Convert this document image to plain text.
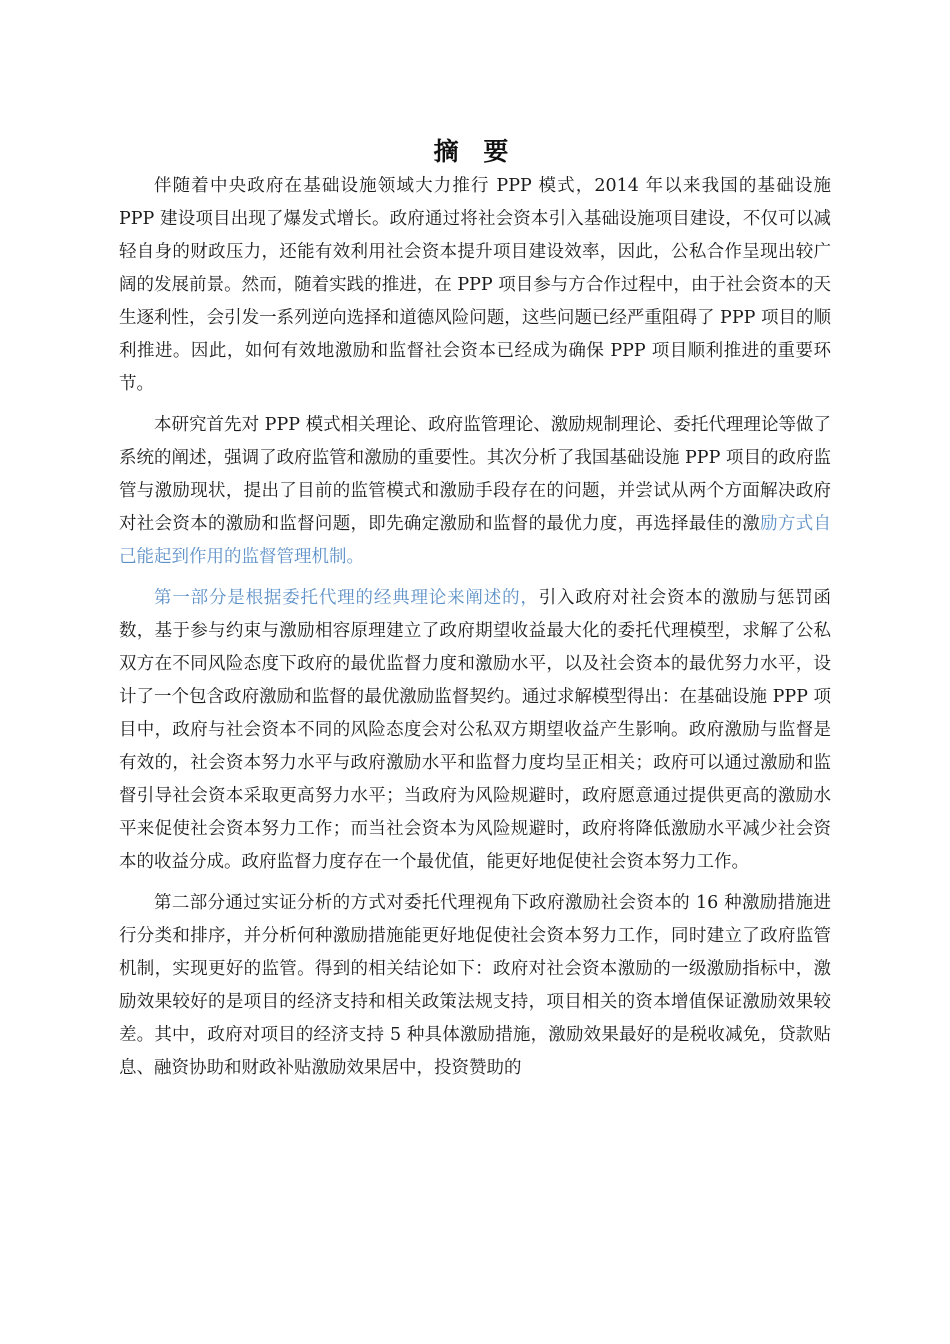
摘 要

伴随着中央政府在基础设施领域大力推行 PPP 模式，2014 年以来我国的基础设施 PPP 建设项目出现了爆发式增长。政府通过将社会资本引入基础设施项目建设，不仅可以减轻自身的财政压力，还能有效利用社会资本提升项目建设效率，因此，公私合作呈现出较广阔的发展前景。然而，随着实践的推进，在 PPP 项目参与方合作过程中，由于社会资本的天生逐利性，会引发一系列逆向选择和道德风险问题，这些问题已经严重阻碍了 PPP 项目的顺利推进。因此，如何有效地激励和监督社会资本已经成为确保 PPP 项目顺利推进的重要环节。

本研究首先对 PPP 模式相关理论、政府监管理论、激励规制理论、委托代理理论等做了系统的阐述，强调了政府监管和激励的重要性。其次分析了我国基础设施 PPP 项目的政府监管与激励现状，提出了目前的监管模式和激励手段存在的问题，并尝试从两个方面解决政府对社会资本的激励和监督问题，即先确定激励和监督的最优力度，再选择最佳的激励方式自己能起到作用的监督管理机制。

第一部分是根据委托代理的经典理论来阐述的，引入政府对社会资本的激励与惩罚函数，基于参与约束与激励相容原理建立了政府期望收益最大化的委托代理模型，求解了公私双方在不同风险态度下政府的最优监督力度和激励水平，以及社会资本的最优努力水平，设计了一个包含政府激励和监督的最优激励监督契约。通过求解模型得出：在基础设施 PPP 项目中，政府与社会资本不同的风险态度会对公私双方期望收益产生影响。政府激励与监督是有效的，社会资本努力水平与政府激励水平和监督力度均呈正相关；政府可以通过激励和监督引导社会资本采取更高努力水平；当政府为风险规避时，政府愿意通过提供更高的激励水平来促使社会资本努力工作；而当社会资本为风险规避时，政府将降低激励水平减少社会资本的收益分成。政府监督力度存在一个最优值，能更好地促使社会资本努力工作。

第二部分通过实证分析的方式对委托代理视角下政府激励社会资本的 16 种激励措施进行分类和排序，并分析何种激励措施能更好地促使社会资本努力工作，同时建立了政府监管机制，实现更好的监管。得到的相关结论如下：政府对社会资本激励的一级激励指标中，激励效果较好的是项目的经济支持和相关政策法规支持，项目相关的资本增值保证激励效果较差。其中，政府对项目的经济支持 5 种具体激励措施，激励效果最好的是税收减免，贷款贴息、融资协助和财政补贴激励效果居中，投资赞助的
